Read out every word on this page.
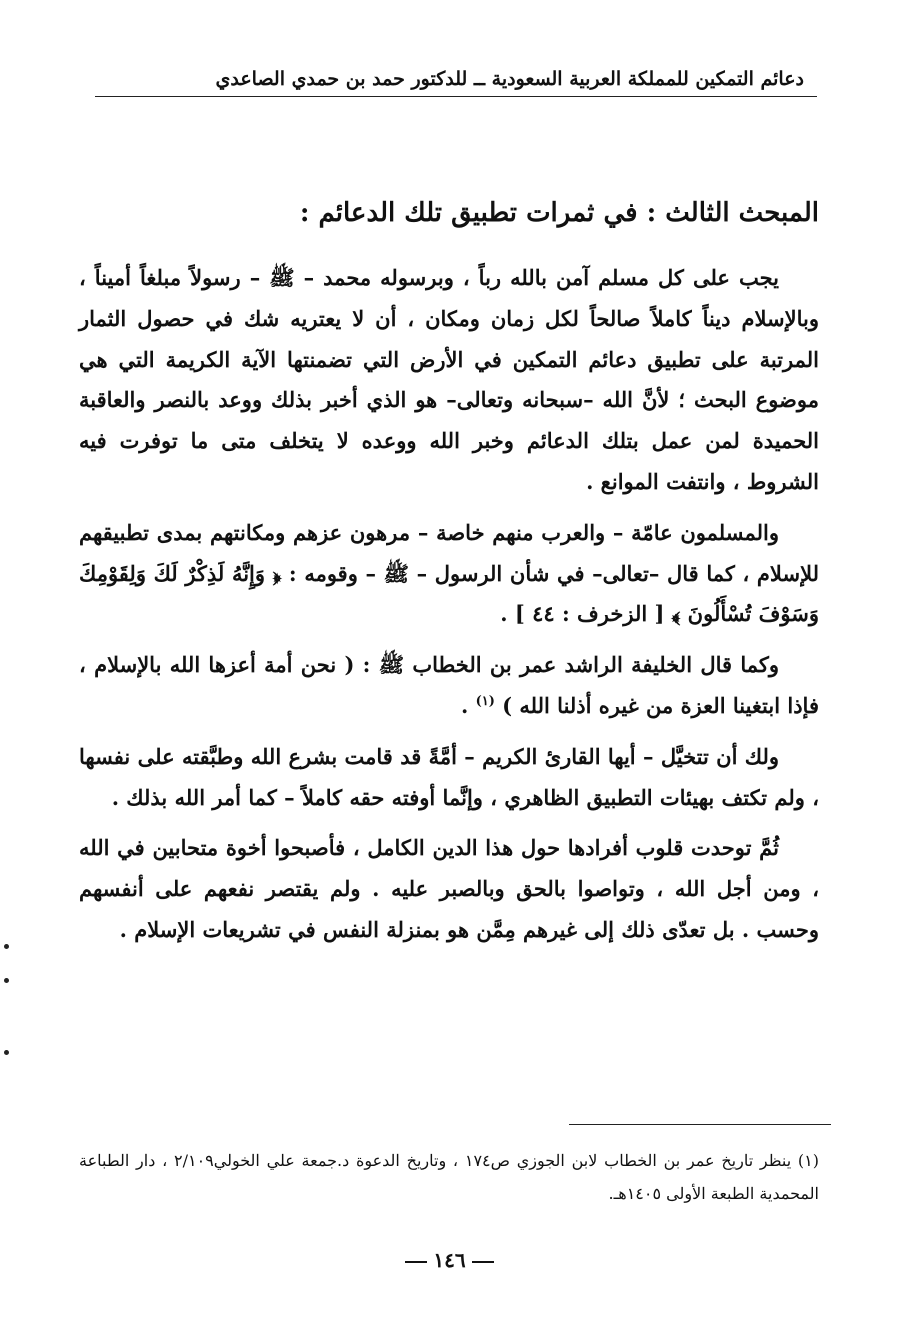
دعائم التمكين للمملكة العربية السعودية ــ للدكتور حمد بن حمدي الصاعدي
المبحث الثالث : في ثمرات تطبيق تلك الدعائم :

يجب على كل مسلم آمن بالله رباً ، وبرسوله محمد – ﷺ – رسولاً مبلغاً أميناً ، وبالإسلام ديناً كاملاً صالحاً لكل زمان ومكان ، أن لا يعتريه شك في حصول الثمار المرتبة على تطبيق دعائم التمكين في الأرض التي تضمنتها الآية الكريمة التي هي موضوع البحث ؛ لأنَّ الله –سبحانه وتعالى– هو الذي أخبر بذلك ووعد بالنصر والعاقبة الحميدة لمن عمل بتلك الدعائم وخبر الله ووعده لا يتخلف متى ما توفرت فيه الشروط ، وانتفت الموانع .

والمسلمون عامّة – والعرب منهم خاصة – مرهون عزهم ومكانتهم بمدى تطبيقهم للإسلام ، كما قال –تعالى– في شأن الرسول – ﷺ – وقومه : ﴿ وَإِنَّهُ لَذِكْرٌ لَكَ وَلِقَوْمِكَ وَسَوْفَ تُسْأَلُونَ ﴾ [ الزخرف : ٤٤ ] .

وكما قال الخليفة الراشد عمر بن الخطاب ﷺ : ( نحن أمة أعزها الله بالإسلام ، فإذا ابتغينا العزة من غيره أذلنا الله ) $^{(١)}$ .

ولك أن تتخيَّل – أيها القارئ الكريم – أمَّةً قد قامت بشرع الله وطبَّقته على نفسها ، ولم تكتف بهيئات التطبيق الظاهري ، وإنَّما أوفته حقه كاملاً – كما أمر الله بذلك .

ثُمَّ توحدت قلوب أفرادها حول هذا الدين الكامل ، فأصبحوا أخوة متحابين في الله ، ومن أجل الله ، وتواصوا بالحق وبالصبر عليه . ولم يقتصر نفعهم على أنفسهم وحسب . بل تعدّى ذلك إلى غيرهم مِمَّن هو بمنزلة النفس في تشريعات الإسلام .

(١) ينظر تاريخ عمر بن الخطاب لابن الجوزي ص١٧٤ ، وتاريخ الدعوة د.جمعة علي الخولي٢/١٠٩ ، دار الطباعة المحمدية الطبعة الأولى ١٤٠٥هـ.
١٤٦
